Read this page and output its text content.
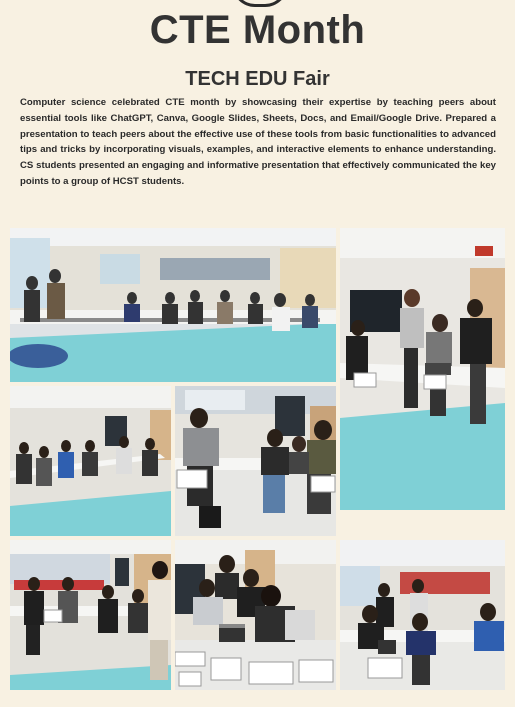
CTE Month
TECH EDU Fair

Computer science celebrated CTE month by showcasing their expertise by teaching peers about essential tools like ChatGPT, Canva, Google Slides, Sheets, Docs, and Email/Google Drive. Prepared a presentation to teach peers about the effective use of these tools from basic functionalities to advanced tips and tricks by incorporating visuals, examples, and interactive elements to enhance understanding. CS students presented an engaging and informative presentation that effectively communicated the key points to a group of HCST students.
